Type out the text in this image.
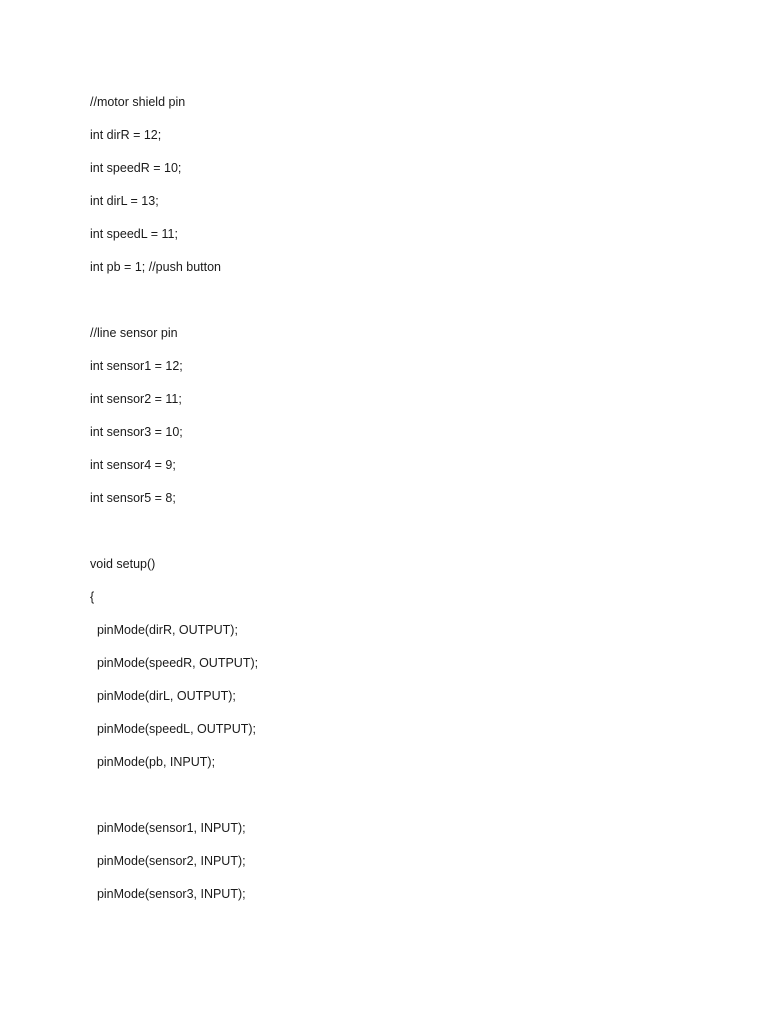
//motor shield pin
int dirR = 12;
int speedR = 10;
int dirL = 13;
int speedL = 11;
int pb = 1; //push button
//line sensor pin
int sensor1 = 12;
int sensor2 = 11;
int sensor3 = 10;
int sensor4 = 9;
int sensor5 = 8;
void setup()
{
pinMode(dirR, OUTPUT);
pinMode(speedR, OUTPUT);
pinMode(dirL, OUTPUT);
pinMode(speedL, OUTPUT);
pinMode(pb, INPUT);
pinMode(sensor1, INPUT);
pinMode(sensor2, INPUT);
pinMode(sensor3, INPUT);
